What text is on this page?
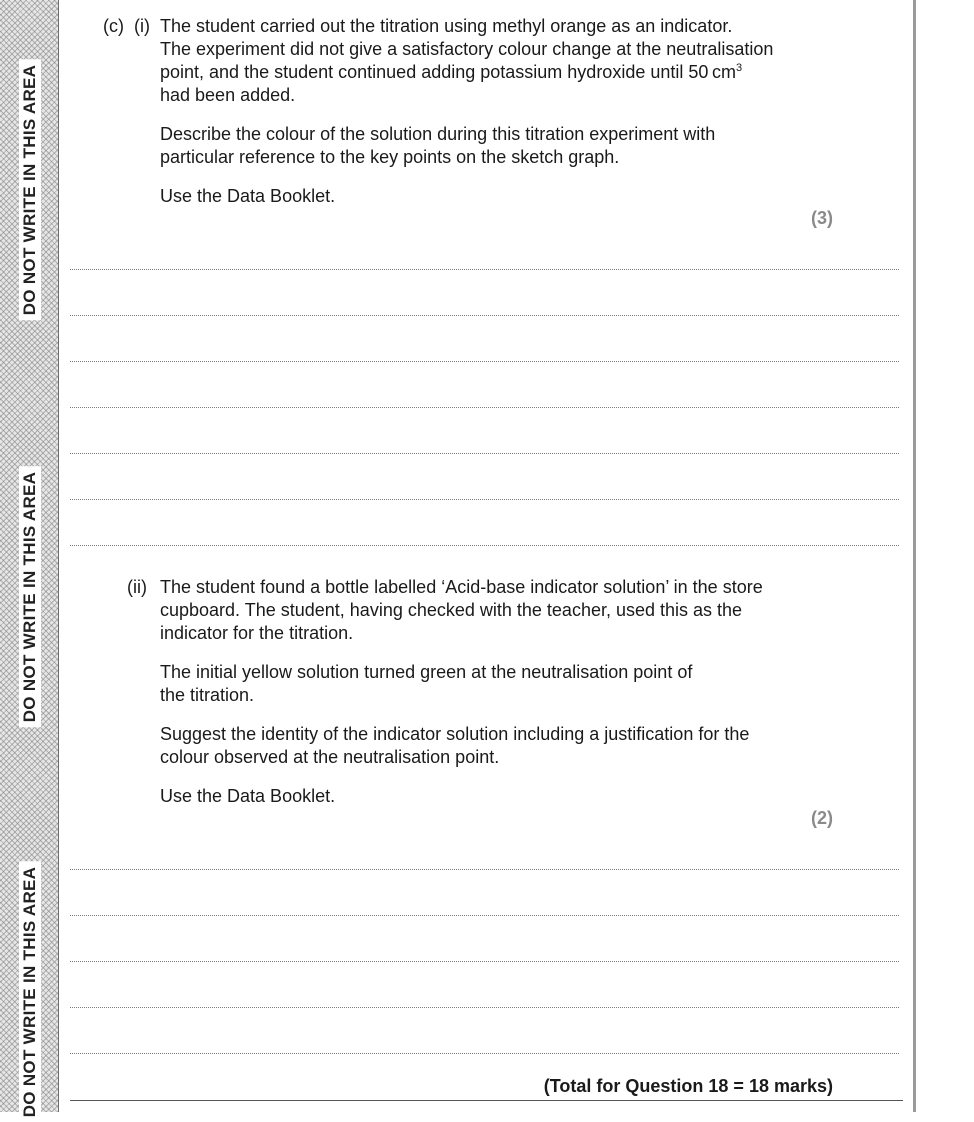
DO NOT WRITE IN THIS AREA
DO NOT WRITE IN THIS AREA
DO NOT WRITE IN THIS AREA
(c) (i) The student carried out the titration using methyl orange as an indicator.
The experiment did not give a satisfactory colour change at the neutralisation
point, and the student continued adding potassium hydroxide until 50 $cm^3$
had been added.
Describe the colour of the solution during this titration experiment with
particular reference to the key points on the sketch graph.
Use the Data Booklet.
(3)
(ii) The student found a bottle labelled ‘Acid-base indicator solution’ in the store
cupboard. The student, having checked with the teacher, used this as the
indicator for the titration.
The initial yellow solution turned green at the neutralisation point of
the titration.
Suggest the identity of the indicator solution including a justification for the
colour observed at the neutralisation point.
Use the Data Booklet.
(2)
(Total for Question 18 = 18 marks)
